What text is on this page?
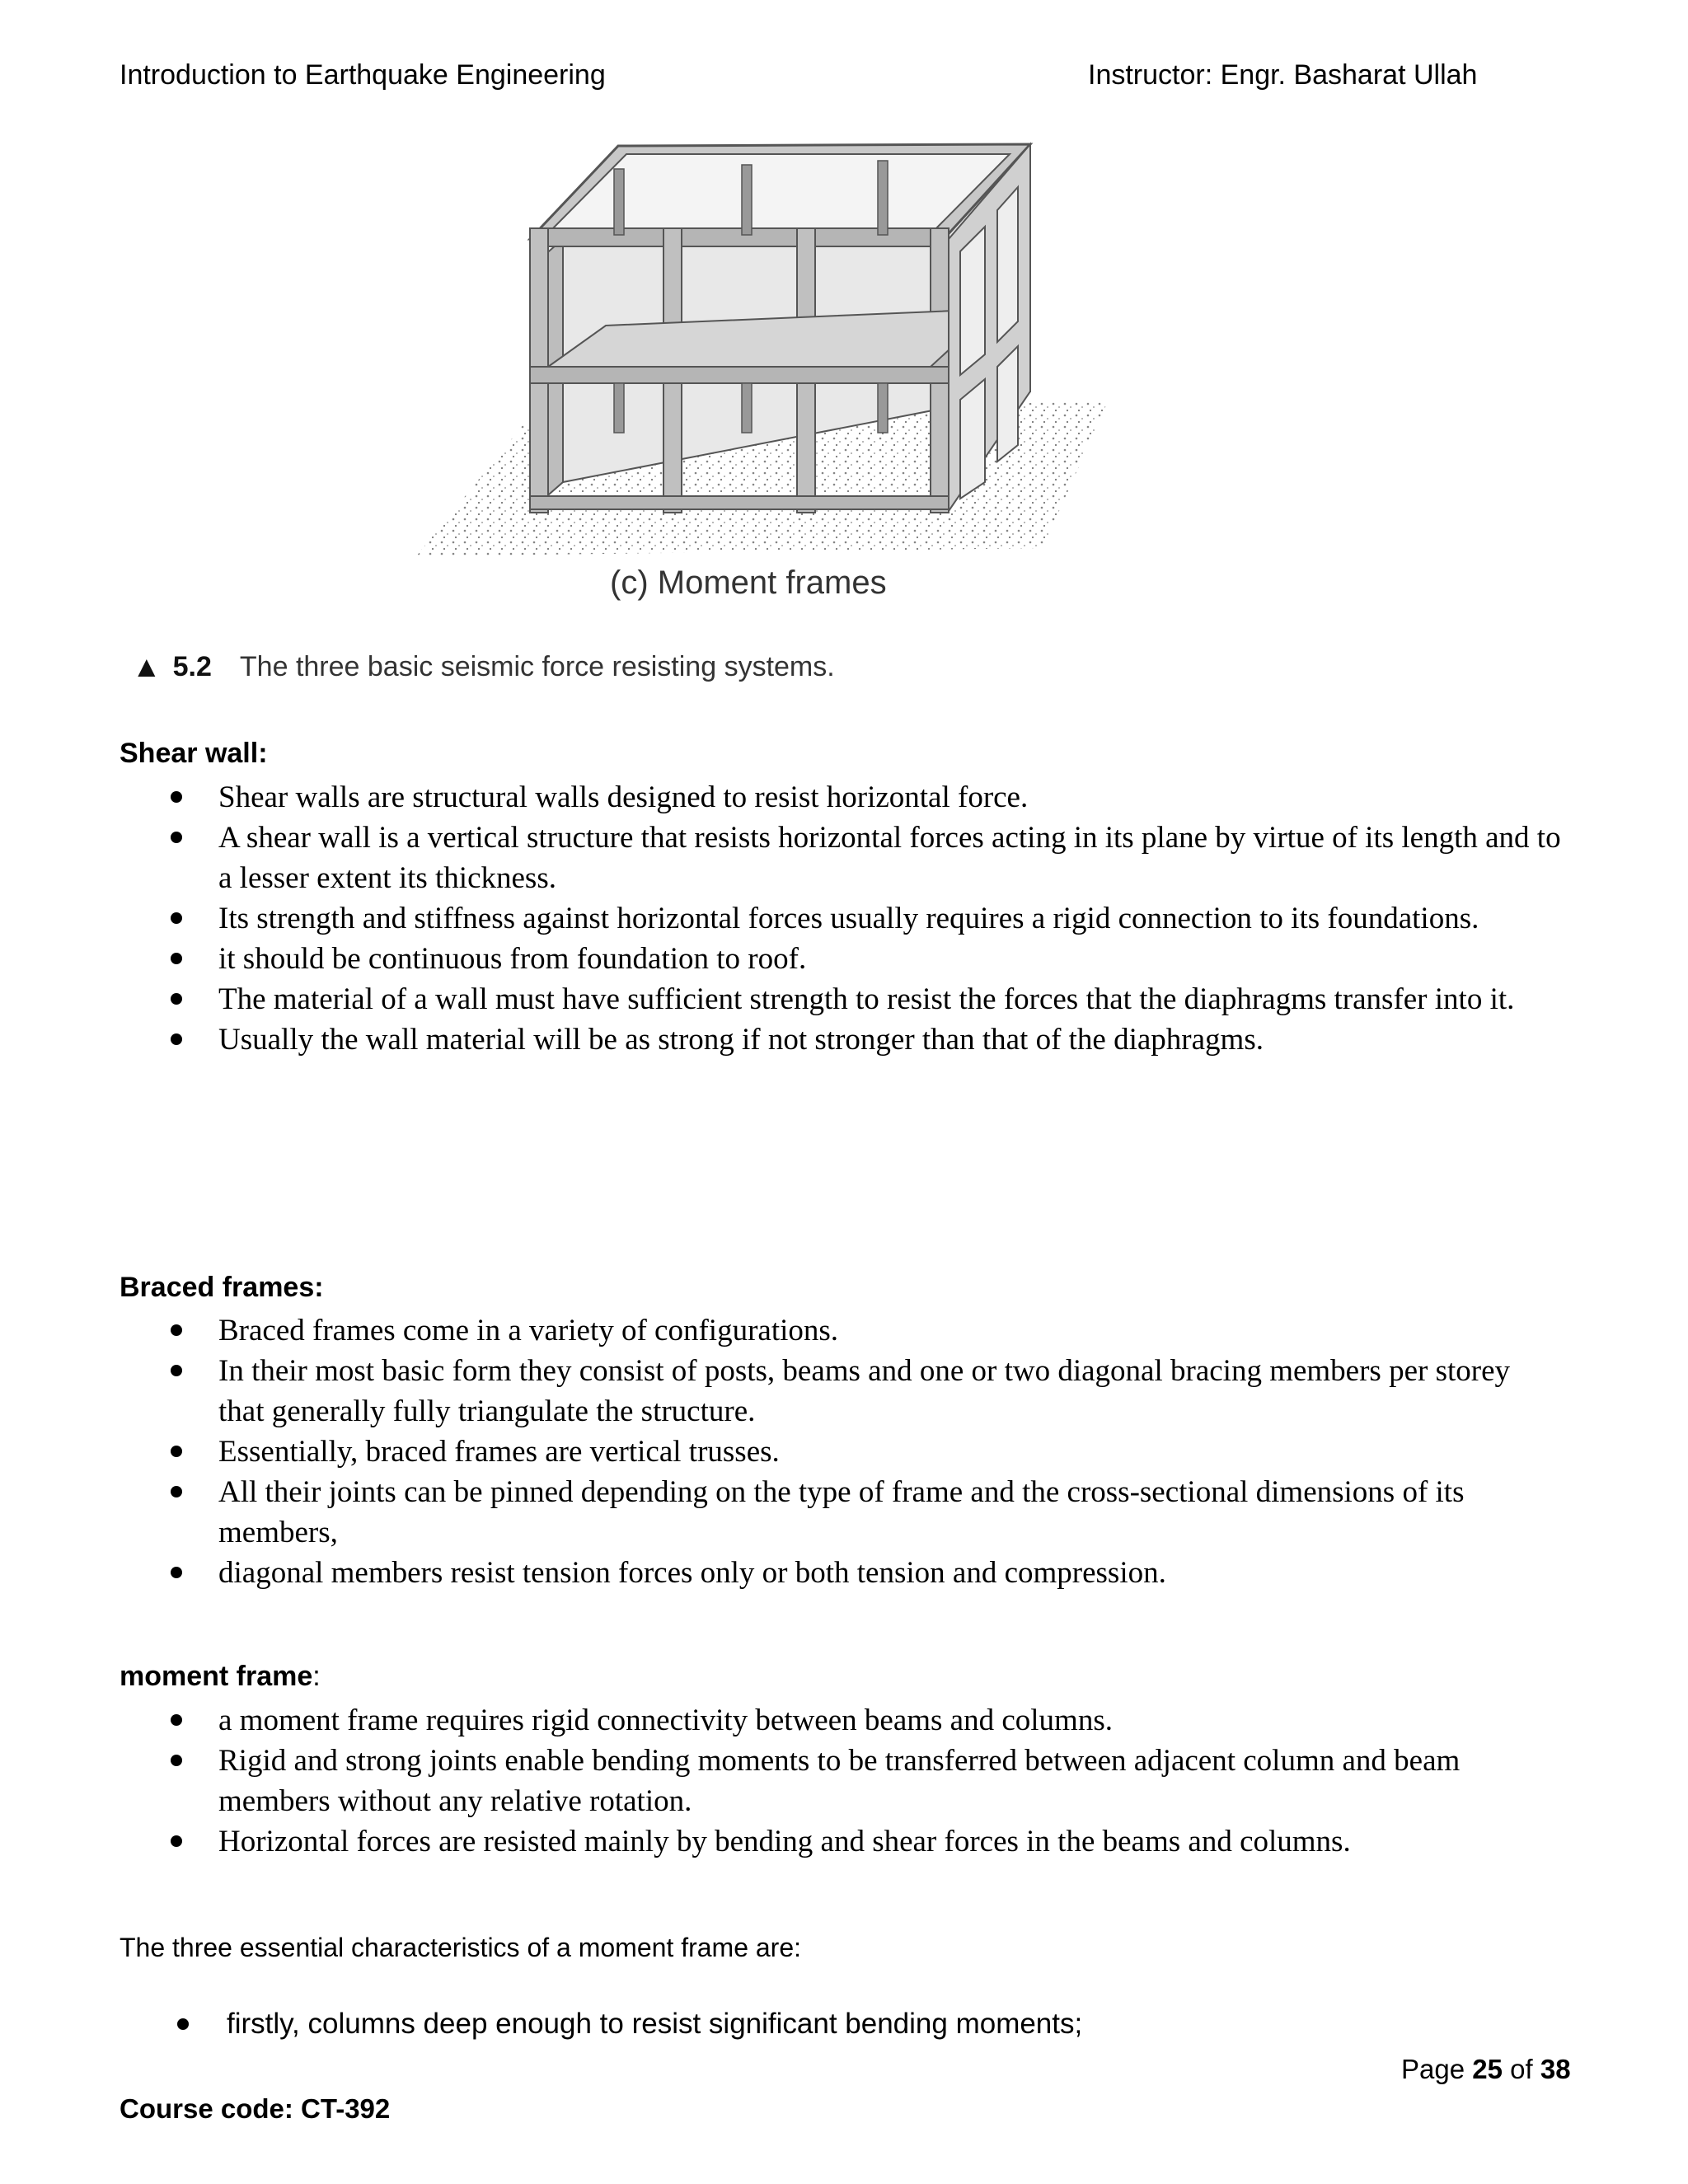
Introduction to Earthquake Engineering	Instructor: Engr. Basharat Ullah
(c) Moment frames
▲ 5.2 The three basic seismic force resisting systems.
Shear wall:
Shear walls are structural walls designed to resist horizontal force.
A shear wall is a vertical structure that resists horizontal forces acting in its plane by virtue of its length and to a lesser extent its thickness.
Its strength and stiffness against horizontal forces usually requires a rigid connection to its foundations.
it should be continuous from foundation to roof.
The material of a wall must have sufficient strength to resist the forces that the diaphragms transfer into it.
Usually the wall material will be as strong if not stronger than that of the diaphragms.
Braced frames:
Braced frames come in a variety of configurations.
In their most basic form they consist of posts, beams and one or two diagonal bracing members per storey that generally fully triangulate the structure.
Essentially, braced frames are vertical trusses.
All their joints can be pinned depending on the type of frame and the cross-sectional dimensions of its members,
diagonal members resist tension forces only or both tension and compression.
moment frame:
a moment frame requires rigid connectivity between beams and columns.
Rigid and strong joints enable bending moments to be transferred between adjacent column and beam members without any relative rotation.
Horizontal forces are resisted mainly by bending and shear forces in the beams and columns.
The three essential characteristics of a moment frame are:
firstly, columns deep enough to resist significant bending moments;
Page 25 of 38
Course code: CT-392
